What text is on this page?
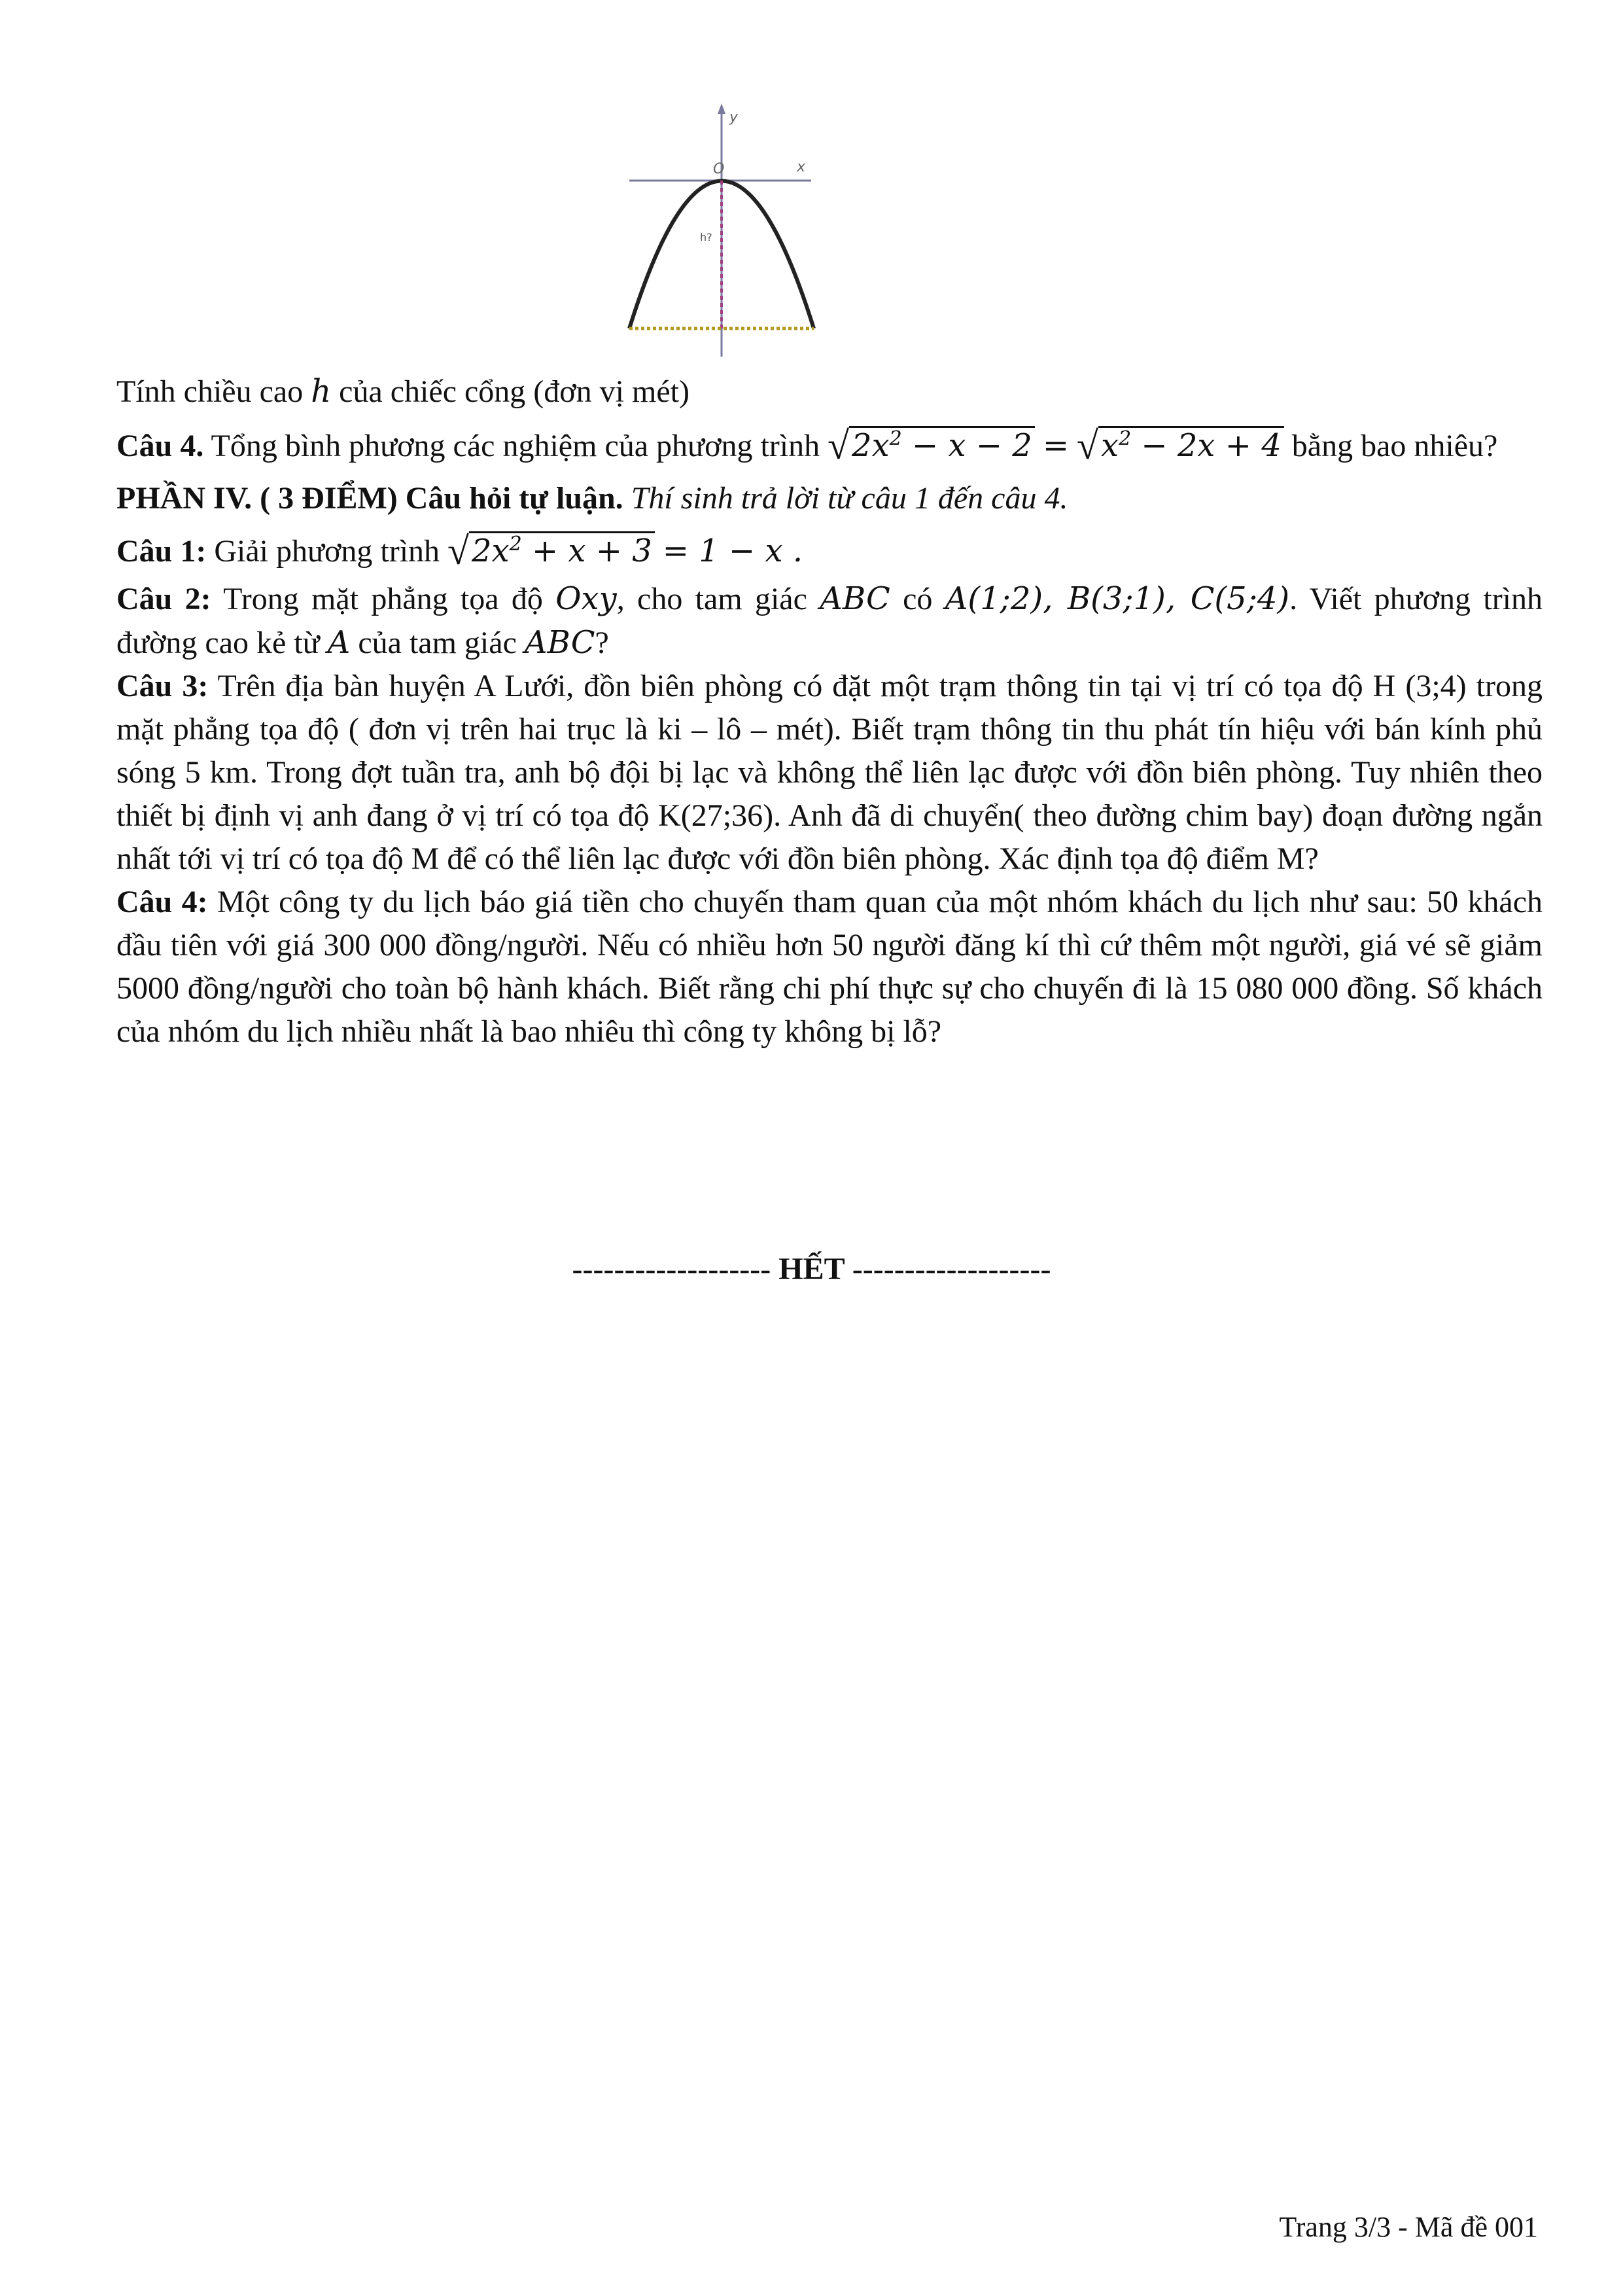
y
O	x
h?

Tính chiều cao h của chiếc cổng (đơn vị mét)

Câu 4. Tổng bình phương các nghiệm của phương trình $√2x^2 - x - 2 = √x^2 - 2x + 4$ bằng bao nhiêu?

PHẦN IV. ( 3 ĐIỂM) Câu hỏi tự luận. Thí sinh trả lời từ câu 1 đến câu 4.

Câu 1: Giải phương trình $√2x^2 + x + 3 = 1 - x$ .

Câu 2: Trong mặt phẳng tọa độ Oxy, cho tam giác ABC có A(1;2), B(3;1), C(5;4). Viết phương trình đường cao kẻ từ A của tam giác ABC?

Câu 3: Trên địa bàn huyện A Lưới, đồn biên phòng có đặt một trạm thông tin tại vị trí có tọa độ H (3;4) trong mặt phẳng tọa độ ( đơn vị trên hai trục là ki – lô – mét). Biết trạm thông tin thu phát tín hiệu với bán kính phủ sóng 5 km. Trong đợt tuần tra, anh bộ đội bị lạc và không thể liên lạc được với đồn biên phòng. Tuy nhiên theo thiết bị định vị anh đang ở vị trí có tọa độ K(27;36). Anh đã di chuyển( theo đường chim bay) đoạn đường ngắn nhất tới vị trí có tọa độ M để có thể liên lạc được với đồn biên phòng. Xác định tọa độ điểm M?

Câu 4: Một công ty du lịch báo giá tiền cho chuyến tham quan của một nhóm khách du lịch như sau: 50 khách đầu tiên với giá 300 000 đồng/người. Nếu có nhiều hơn 50 người đăng kí thì cứ thêm một người, giá vé sẽ giảm 5000 đồng/người cho toàn bộ hành khách. Biết rằng chi phí thực sự cho chuyến đi là 15 080 000 đồng. Số khách của nhóm du lịch nhiều nhất là bao nhiêu thì công ty không bị lỗ?

------------------- HẾT -------------------
Trang 3/3 - Mã đề 001
